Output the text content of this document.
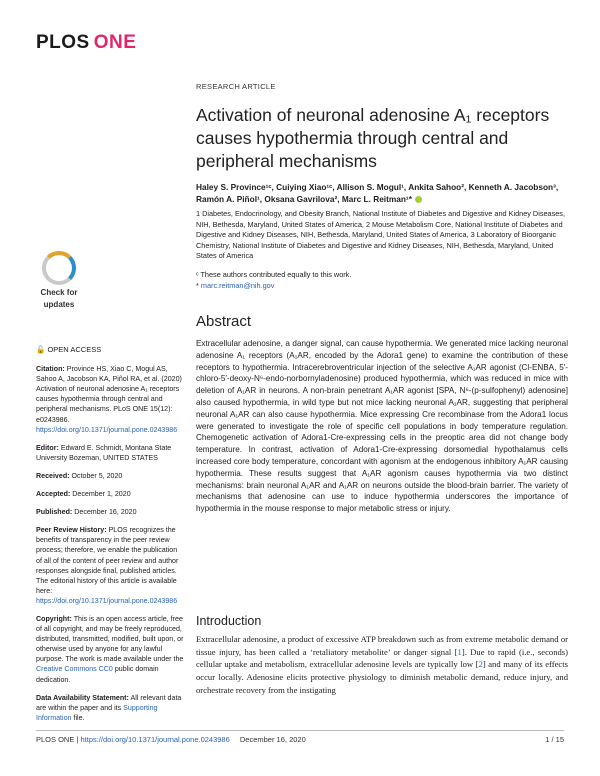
PLOS ONE
Check for
updates
RESEARCH ARTICLE
Activation of neuronal adenosine A₁ receptors causes hypothermia through central and peripheral mechanisms
Haley S. Province¹ᶜ, Cuiying Xiao¹ᶜ, Allison S. Mogul¹, Ankita Sahoo², Kenneth A. Jacobson³, Ramón A. Piñol¹, Oksana Gavrilova², Marc L. Reitman¹*
1 Diabetes, Endocrinology, and Obesity Branch, National Institute of Diabetes and Digestive and Kidney Diseases, NIH, Bethesda, Maryland, United States of America, 2 Mouse Metabolism Core, National Institute of Diabetes and Digestive and Kidney Diseases, NIH, Bethesda, Maryland, United States of America, 3 Laboratory of Bioorganic Chemistry, National Institute of Diabetes and Digestive and Kidney Diseases, NIH, Bethesda, Maryland, United States of America
ᶜ These authors contributed equally to this work.
* marc.reitman@nih.gov
Abstract
Extracellular adenosine, a danger signal, can cause hypothermia. We generated mice lacking neuronal adenosine A₁ receptors (A₁AR, encoded by the Adora1 gene) to examine the contribution of these receptors to hypothermia. Intracerebroventricular injection of the selective A₁AR agonist (Cl-ENBA, 5′-chloro-5′-deoxy-N⁶-endo-norbornyladenosine) produced hypothermia, which was reduced in mice with deletion of A₁AR in neurons. A non-brain penetrant A₁AR agonist [SPA, N⁶-(p-sulfophenyl) adenosine] also caused hypothermia, in wild type but not mice lacking neuronal A₁AR, suggesting that peripheral neuronal A₁AR can also cause hypothermia. Mice expressing Cre recombinase from the Adora1 locus were generated to investigate the role of specific cell populations in body temperature regulation. Chemogenetic activation of Adora1-Cre-expressing cells in the preoptic area did not change body temperature. In contrast, activation of Adora1-Cre-expressing dorsomedial hypothalamus cells increased core body temperature, concordant with agonism at the endogenous inhibitory A₁AR causing hypothermia. These results suggest that A₁AR agonism causes hypothermia via two distinct mechanisms: brain neuronal A₁AR and A₁AR on neurons outside the blood-brain barrier. The variety of mechanisms that adenosine can use to induce hypothermia underscores the importance of hypothermia in the mouse response to major metabolic stress or injury.
Introduction
Extracellular adenosine, a product of excessive ATP breakdown such as from extreme metabolic demand or tissue injury, has been called a ‘retaliatory metabolite’ or danger signal [1]. Due to rapid (i.e., seconds) cellular uptake and metabolism, extracellular adenosine levels are typically low [2] and many of its effects occur locally. Adenosine elicits protective physiology to diminish metabolic demand, reduce injury, and orchestrate recovery from the instigating
🔓 OPEN ACCESS
Citation: Province HS, Xiao C, Mogul AS, Sahoo A, Jacobson KA, Piñol RA, et al. (2020) Activation of neuronal adenosine A₁ receptors causes hypothermia through central and peripheral mechanisms. PLoS ONE 15(12): e0243986. https://doi.org/10.1371/journal.pone.0243986
Editor: Edward E. Schmidt, Montana State University Bozeman, UNITED STATES
Received: October 5, 2020
Accepted: December 1, 2020
Published: December 16, 2020
Peer Review History: PLOS recognizes the benefits of transparency in the peer review process; therefore, we enable the publication of all of the content of peer review and author responses alongside final, published articles. The editorial history of this article is available here: https://doi.org/10.1371/journal.pone.0243986
Copyright: This is an open access article, free of all copyright, and may be freely reproduced, distributed, transmitted, modified, built upon, or otherwise used by anyone for any lawful purpose. The work is made available under the Creative Commons CC0 public domain dedication.
Data Availability Statement: All relevant data are within the paper and its Supporting Information file.
PLOS ONE | https://doi.org/10.1371/journal.pone.0243986 December 16, 2020	1 / 15
